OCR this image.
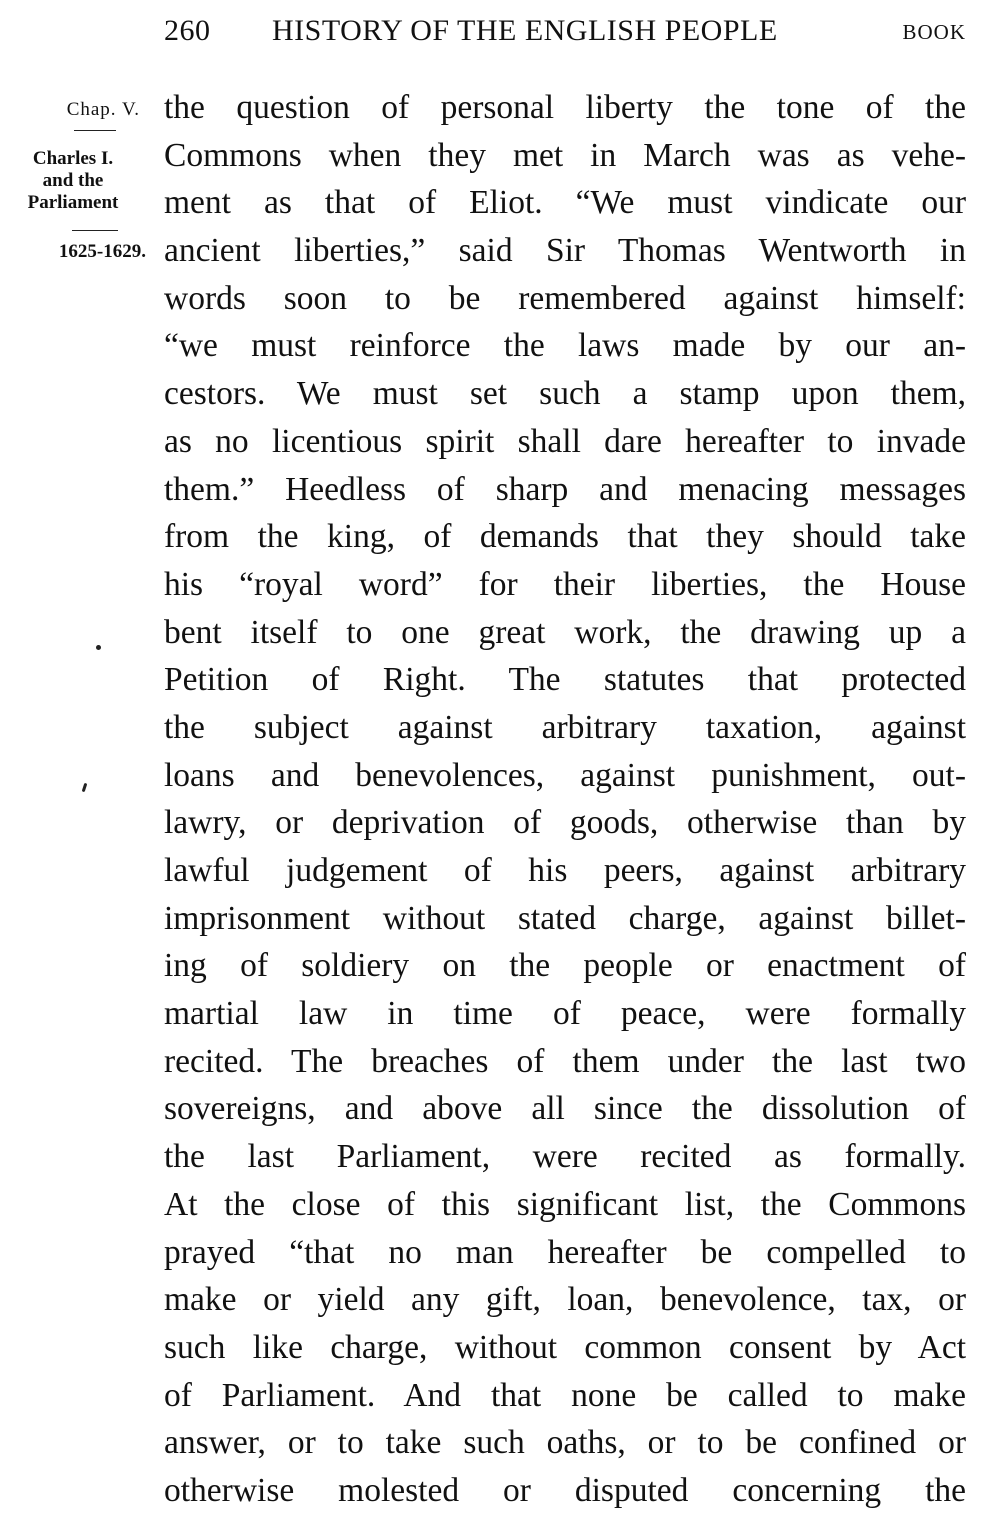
260 HISTORY OF THE ENGLISH PEOPLE	BOOK
Chap. V.
Charles I.
and the
Parliament
1625-1629.
the question of personal liberty the tone of the
Commons when they met in March was as vehe-
ment as that of Eliot. “We must vindicate our
ancient liberties,” said Sir Thomas Wentworth in
words soon to be remembered against himself:
“we must reinforce the laws made by our an-
cestors. We must set such a stamp upon them,
as no licentious spirit shall dare hereafter to invade
them.” Heedless of sharp and menacing messages
from the king, of demands that they should take
his “royal word” for their liberties, the House
bent itself to one great work, the drawing up a
Petition of Right. The statutes that protected
the subject against arbitrary taxation, against
loans and benevolences, against punishment, out-
lawry, or deprivation of goods, otherwise than by
lawful judgement of his peers, against arbitrary
imprisonment without stated charge, against billet-
ing of soldiery on the people or enactment of
martial law in time of peace, were formally
recited. The breaches of them under the last two
sovereigns, and above all since the dissolution of
the last Parliament, were recited as formally.
At the close of this significant list, the Commons
prayed “that no man hereafter be compelled to
make or yield any gift, loan, benevolence, tax, or
such like charge, without common consent by Act
of Parliament. And that none be called to make
answer, or to take such oaths, or to be confined or
otherwise molested or disputed concerning the
